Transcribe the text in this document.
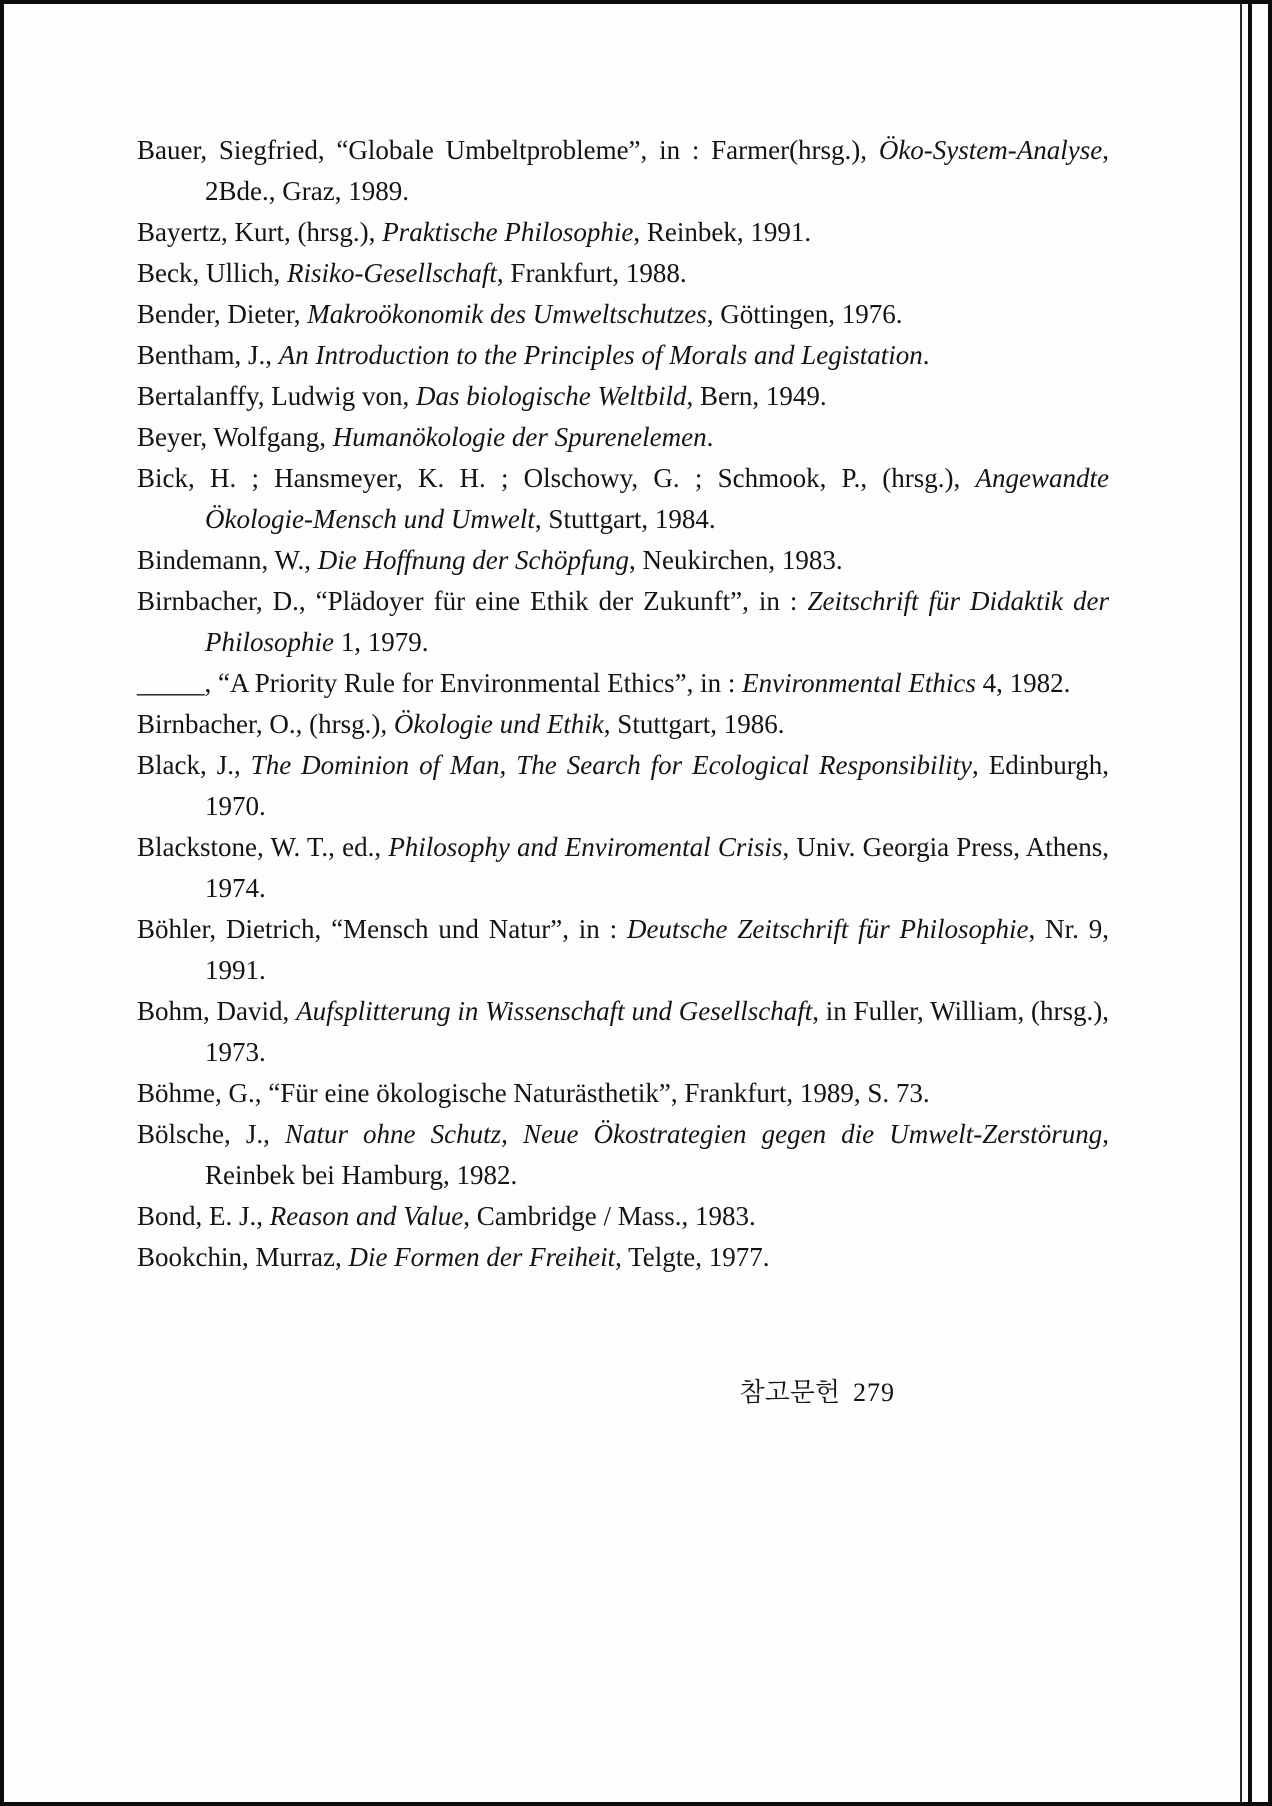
Bauer, Siegfried, “Globale Umbeltprobleme”, in : Farmer(hrsg.), Öko-System-Analyse, 2Bde., Graz, 1989.

Bayertz, Kurt, (hrsg.), Praktische Philosophie, Reinbek, 1991.

Beck, Ullich, Risiko-Gesellschaft, Frankfurt, 1988.

Bender, Dieter, Makroökonomik des Umweltschutzes, Göttingen, 1976.

Bentham, J., An Introduction to the Principles of Morals and Legistation.

Bertalanffy, Ludwig von, Das biologische Weltbild, Bern, 1949.

Beyer, Wolfgang, Humanökologie der Spurenelemen.

Bick, H. ; Hansmeyer, K. H. ; Olschowy, G. ; Schmook, P., (hrsg.), Angewandte Ökologie-Mensch und Umwelt, Stuttgart, 1984.

Bindemann, W., Die Hoffnung der Schöpfung, Neukirchen, 1983.

Birnbacher, D., “Plädoyer für eine Ethik der Zukunft”, in : Zeitschrift für Didaktik der Philosophie 1, 1979.

_____, “A Priority Rule for Environmental Ethics”, in : Environmental Ethics 4, 1982.

Birnbacher, O., (hrsg.), Ökologie und Ethik, Stuttgart, 1986.

Black, J., The Dominion of Man, The Search for Ecological Responsibility, Edinburgh, 1970.

Blackstone, W. T., ed., Philosophy and Enviromental Crisis, Univ. Georgia Press, Athens, 1974.

Böhler, Dietrich, “Mensch und Natur”, in : Deutsche Zeitschrift für Philosophie, Nr. 9, 1991.

Bohm, David, Aufsplitterung in Wissenschaft und Gesellschaft, in Fuller, William, (hrsg.), 1973.

Böhme, G., “Für eine ökologische Naturästhetik”, Frankfurt, 1989, S. 73.

Bölsche, J., Natur ohne Schutz, Neue Ökostrategien gegen die Umwelt-Zerstörung, Reinbek bei Hamburg, 1982.

Bond, E. J., Reason and Value, Cambridge / Mass., 1983.

Bookchin, Murraz, Die Formen der Freiheit, Telgte, 1977.

참고문헌 279
